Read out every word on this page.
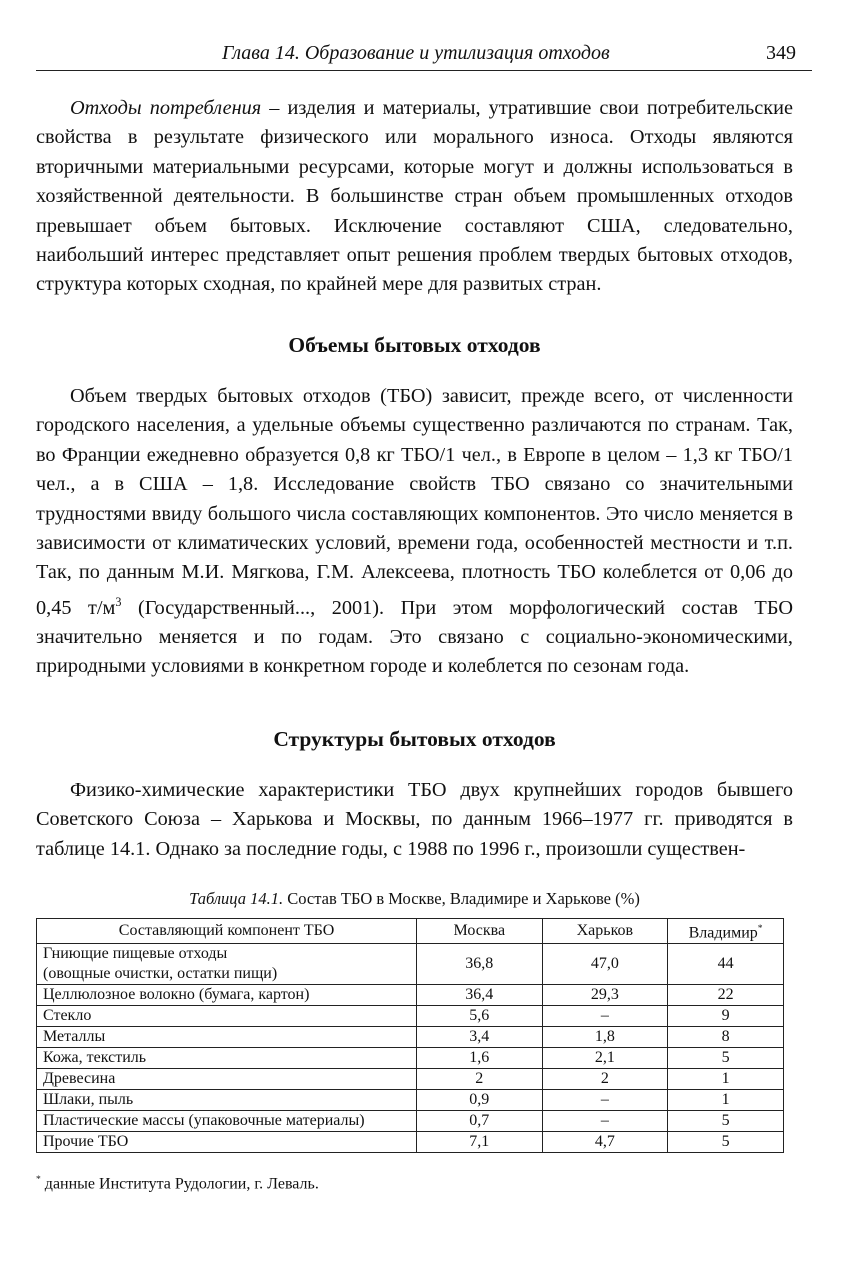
Глава 14. Образование и утилизация отходов	349

Отходы потребления – изделия и материалы, утратившие свои потребительские свойства в результате физического или морального износа. Отходы являются вторичными материальными ресурсами, которые могут и должны использоваться в хозяйственной деятельности. В большинстве стран объем промышленных отходов превышает объем бытовых. Исключение составляют США, следовательно, наибольший интерес представляет опыт решения проблем твердых бытовых отходов, структура которых сходная, по крайней мере для развитых стран.

Объемы бытовых отходов

Объем твердых бытовых отходов (ТБО) зависит, прежде всего, от численности городского населения, а удельные объемы существенно различаются по странам. Так, во Франции ежедневно образуется 0,8 кг ТБО/1 чел., в Европе в целом – 1,3 кг ТБО/1 чел., а в США – 1,8. Исследование свойств ТБО связано со значительными трудностями ввиду большого числа составляющих компонентов. Это число меняется в зависимости от климатических условий, времени года, особенностей местности и т.п. Так, по данным М.И. Мягкова, Г.М. Алексеева, плотность ТБО колеблется от 0,06 до 0,45 $т/м^3$ (Государственный..., 2001). При этом морфологический состав ТБО значительно меняется и по годам. Это связано с социально-экономическими, природными условиями в конкретном городе и колеблется по сезонам года.

Структуры бытовых отходов

Физико-химические характеристики ТБО двух крупнейших городов бывшего Советского Союза – Харькова и Москвы, по данным 1966–1977 гг. приводятся в таблице 14.1. Однако за последние годы, с 1988 по 1996 г., произошли существен-

Таблица 14.1. Состав ТБО в Москве, Владимире и Харькове (%)
Составляющий компонент ТБО	Москва	Харьков	Владимир*
Гниющие пищевые отходы
(овощные очистки, остатки пищи)	36,8	47,0	44
Целлюлозное волокно (бумага, картон)	36,4	29,3	22
Стекло	5,6	–	9
Металлы	3,4	1,8	8
Кожа, текстиль	1,6	2,1	5
Древесина	2	2	1
Шлаки, пыль	0,9	–	1
Пластические массы (упаковочные материалы)	0,7	–	5
Прочие ТБО	7,1	4,7	5
* данные Института Рудологии, г. Леваль.
